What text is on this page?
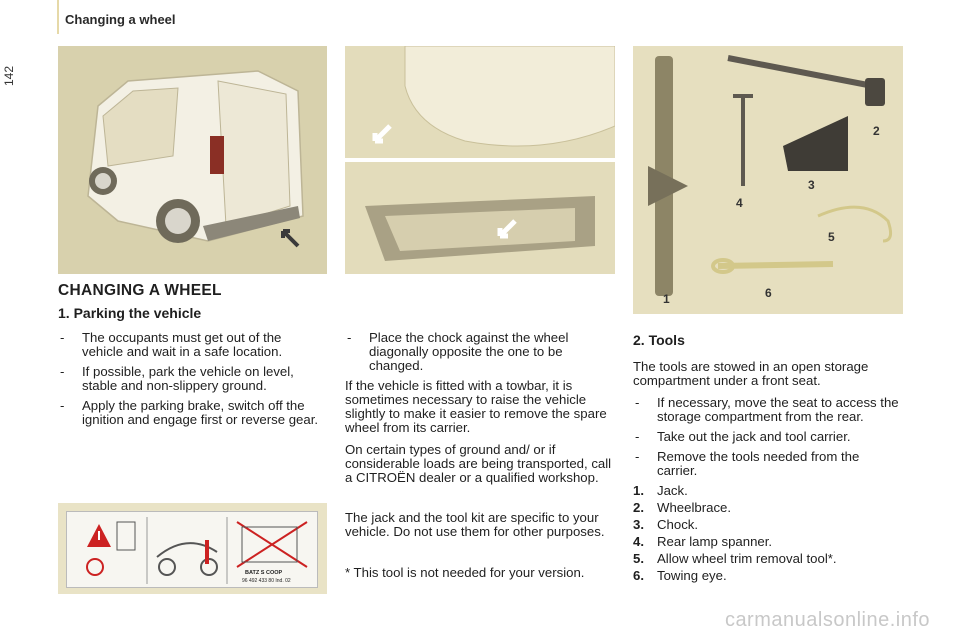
Changing a wheel
142
1
2
3
4
5
6
CHANGING A WHEEL
1. Parking the vehicle
- The occupants must get out of the vehicle and wait in a safe location.
- If possible, park the vehicle on level, stable and non-slippery ground.
- Apply the parking brake, switch off the ignition and engage first or reverse gear.
BATZ S COOP
96 492 433 80 Ind. 02
- Place the chock against the wheel diagonally opposite the one to be changed.

If the vehicle is fitted with a towbar, it is sometimes necessary to raise the vehicle slightly to make it easier to remove the spare wheel from its carrier.

On certain types of ground and/ or if considerable loads are being transported, call a CITROËN dealer or a qualified workshop.

The jack and the tool kit are specific to your vehicle. Do not use them for other purposes.
* This tool is not needed for your version.
2. Tools

The tools are stowed in an open storage compartment under a front seat.

- If necessary, move the seat to access the storage compartment from the rear.
- Take out the jack and tool carrier.
- Remove the tools needed from the carrier.
1. Jack.
2. Wheelbrace.
3. Chock.
4. Rear lamp spanner.
5. Allow wheel trim removal tool*.
6. Towing eye.
carmanualsonline.info
